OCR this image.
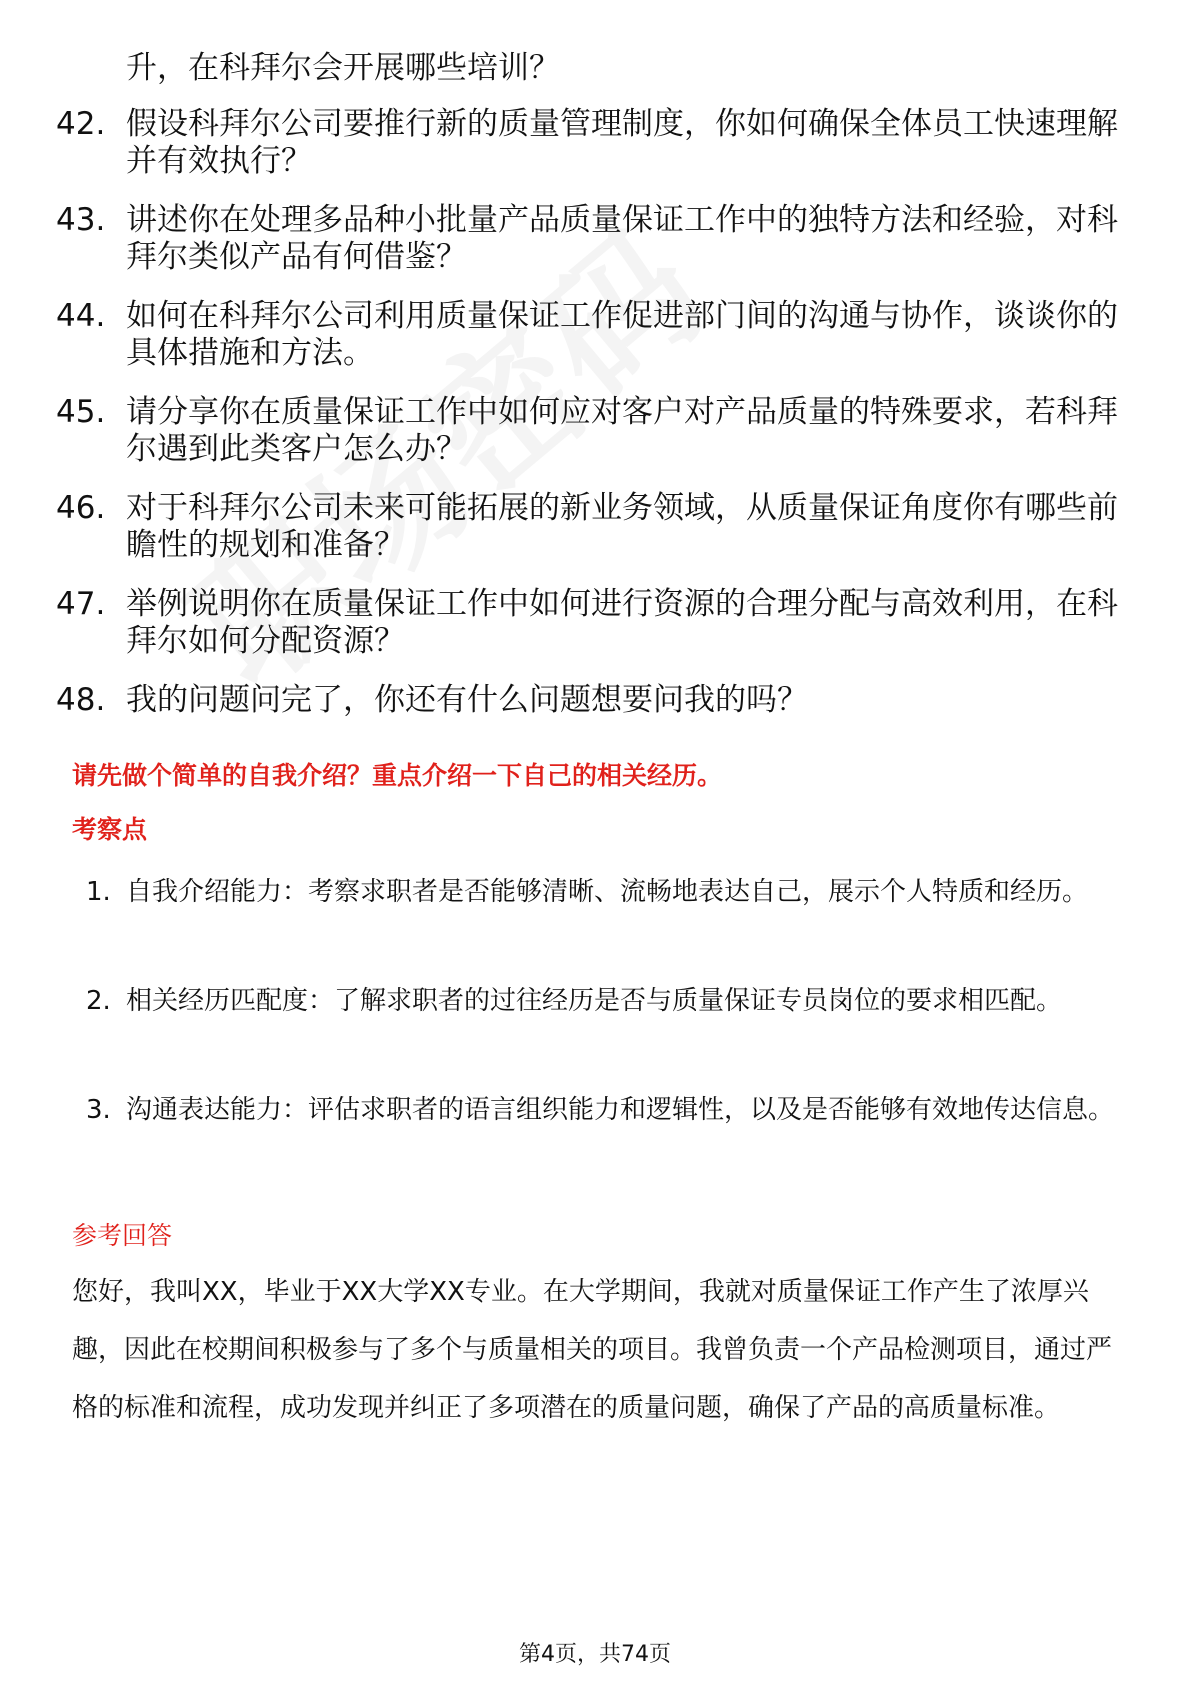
升，在科拜尔会开展哪些培训？
42. 假设科拜尔公司要推行新的质量管理制度，你如何确保全体员工快速理解并有效执行？
43. 讲述你在处理多品种小批量产品质量保证工作中的独特方法和经验，对科拜尔类似产品有何借鉴？
44. 如何在科拜尔公司利用质量保证工作促进部门间的沟通与协作，谈谈你的具体措施和方法。
45. 请分享你在质量保证工作中如何应对客户对产品质量的特殊要求，若科拜尔遇到此类客户怎么办？
46. 对于科拜尔公司未来可能拓展的新业务领域，从质量保证角度你有哪些前瞻性的规划和准备？
47. 举例说明你在质量保证工作中如何进行资源的合理分配与高效利用，在科拜尔如何分配资源？
48. 我的问题问完了，你还有什么问题想要问我的吗？
请先做个简单的自我介绍？重点介绍一下自己的相关经历。
考察点
1. 自我介绍能力：考察求职者是否能够清晰、流畅地表达自己，展示个人特质和经历。
2. 相关经历匹配度：了解求职者的过往经历是否与质量保证专员岗位的要求相匹配。
3. 沟通表达能力：评估求职者的语言组织能力和逻辑性，以及是否能够有效地传达信息。
参考回答
您好，我叫XX，毕业于XX大学XX专业。在大学期间，我就对质量保证工作产生了浓厚兴趣，因此在校期间积极参与了多个与质量相关的项目。我曾负责一个产品检测项目，通过严格的标准和流程，成功发现并纠正了多项潜在的质量问题，确保了产品的高质量标准。
第4页，共74页
